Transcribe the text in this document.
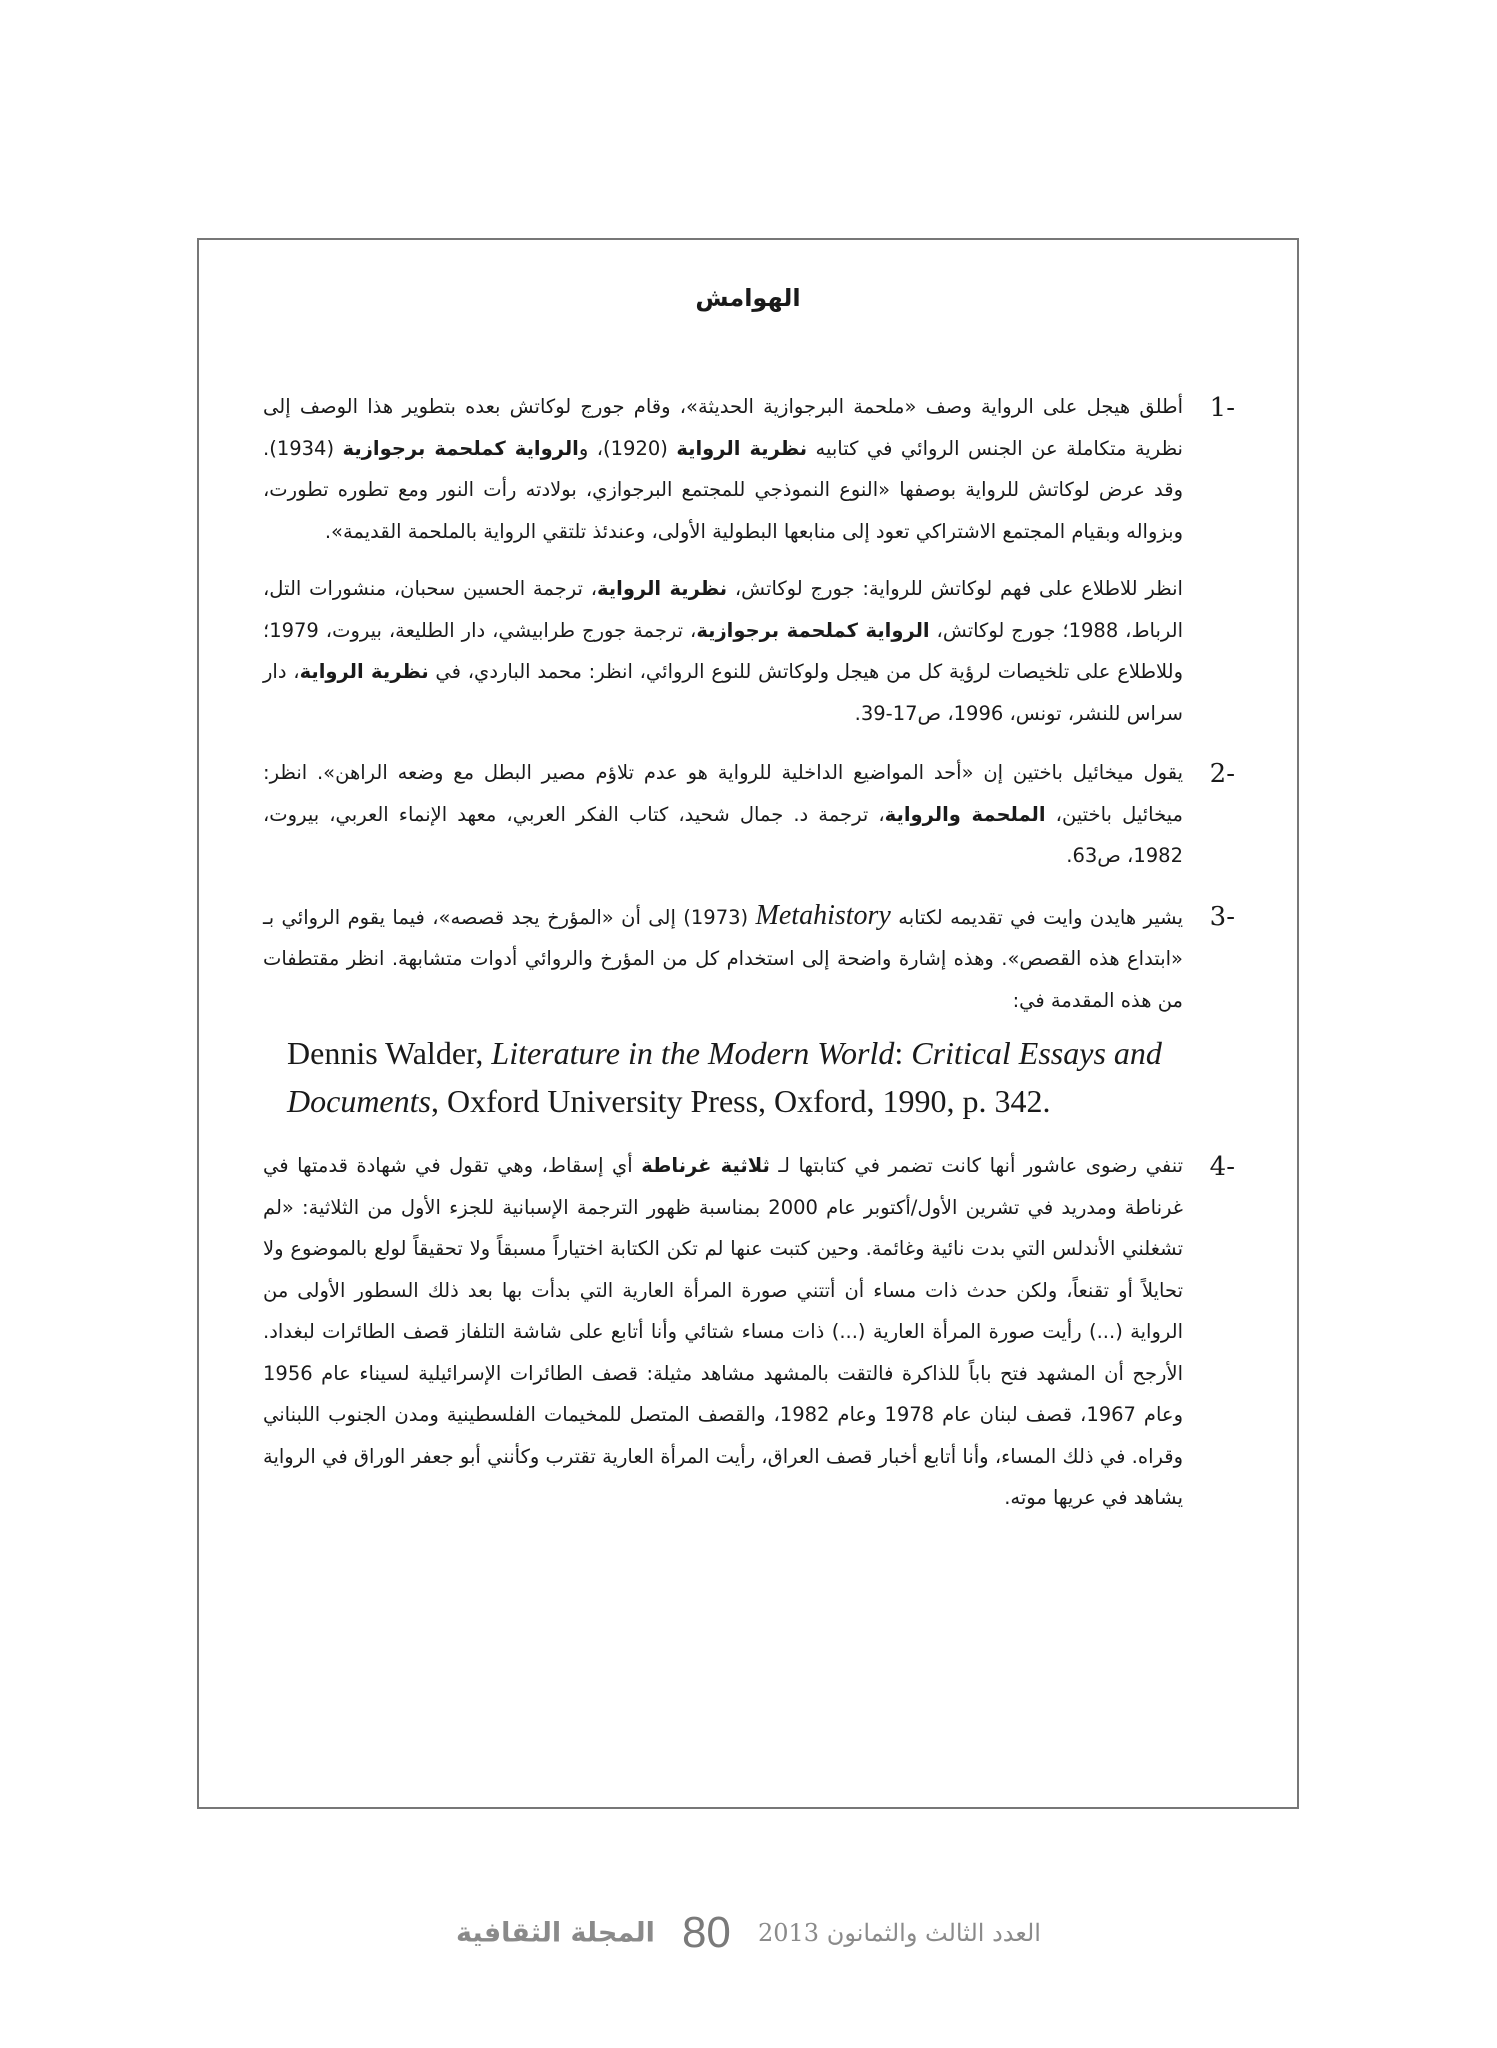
الهوامش
1-

أطلق هيجل على الرواية وصف «ملحمة البرجوازية الحديثة»، وقام جورج لوكاتش بعده بتطوير هذا الوصف إلى نظرية متكاملة عن الجنس الروائي في كتابيه نظرية الرواية (1920)، والرواية كملحمة برجوازية (1934). وقد عرض لوكاتش للرواية بوصفها «النوع النموذجي للمجتمع البرجوازي، بولادته رأت النور ومع تطوره تطورت، وبزواله وبقيام المجتمع الاشتراكي تعود إلى منابعها البطولية الأولى، وعندئذ تلتقي الرواية بالملحمة القديمة».

انظر للاطلاع على فهم لوكاتش للرواية: جورج لوكاتش، نظرية الرواية، ترجمة الحسين سحبان، منشورات التل، الرباط، 1988؛ جورج لوكاتش، الرواية كملحمة برجوازية، ترجمة جورج طرابيشي، دار الطليعة، بيروت، 1979؛ وللاطلاع على تلخيصات لرؤية كل من هيجل ولوكاتش للنوع الروائي، انظر: محمد الباردي، في نظرية الرواية، دار سراس للنشر، تونس، 1996، ص17-39.

2-

يقول ميخائيل باختين إن «أحد المواضيع الداخلية للرواية هو عدم تلاؤم مصير البطل مع وضعه الراهن». انظر: ميخائيل باختين، الملحمة والرواية، ترجمة د. جمال شحيد، كتاب الفكر العربي، معهد الإنماء العربي، بيروت، 1982، ص63.

3-

يشير هايدن وايت في تقديمه لكتابه Metahistory (1973) إلى أن «المؤرخ يجد قصصه»، فيما يقوم الروائي بـ «ابتداع هذه القصص». وهذه إشارة واضحة إلى استخدام كل من المؤرخ والروائي أدوات متشابهة. انظر مقتطفات من هذه المقدمة في:

Dennis Walder, Literature in the Modern World: Critical Essays and Documents, Oxford University Press, Oxford, 1990, p. 342.
4-

تنفي رضوى عاشور أنها كانت تضمر في كتابتها لـ ثلاثية غرناطة أي إسقاط، وهي تقول في شهادة قدمتها في غرناطة ومدريد في تشرين الأول/أكتوبر عام 2000 بمناسبة ظهور الترجمة الإسبانية للجزء الأول من الثلاثية: «لم تشغلني الأندلس التي بدت نائية وغائمة. وحين كتبت عنها لم تكن الكتابة اختياراً مسبقاً ولا تحقيقاً لولع بالموضوع ولا تحايلاً أو تقنعاً، ولكن حدث ذات مساء أن أتتني صورة المرأة العارية التي بدأت بها بعد ذلك السطور الأولى من الرواية (...) رأيت صورة المرأة العارية (...) ذات مساء شتائي وأنا أتابع على شاشة التلفاز قصف الطائرات لبغداد. الأرجح أن المشهد فتح باباً للذاكرة فالتقت بالمشهد مشاهد مثيلة: قصف الطائرات الإسرائيلية لسيناء عام 1956 وعام 1967، قصف لبنان عام 1978 وعام 1982، والقصف المتصل للمخيمات الفلسطينية ومدن الجنوب اللبناني وقراه. في ذلك المساء، وأنا أتابع أخبار قصف العراق، رأيت المرأة العارية تقترب وكأنني أبو جعفر الوراق في الرواية يشاهد في عريها موته.

العدد الثالث والثمانون 2013 80 المجلة الثقافية
